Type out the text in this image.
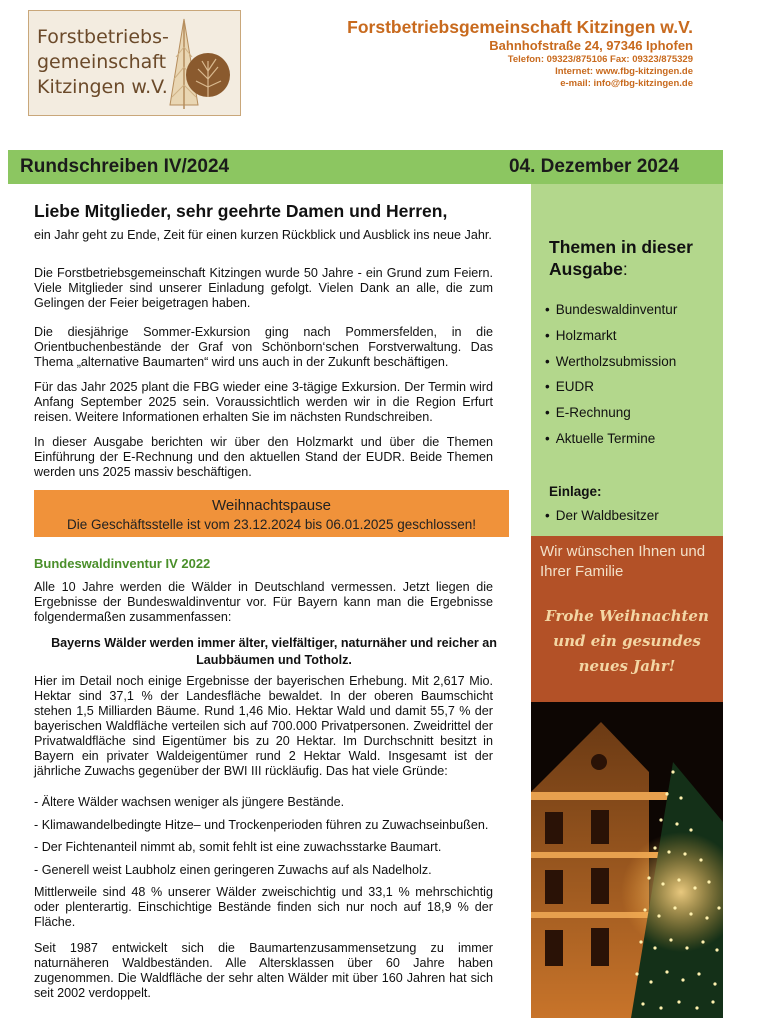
Forstbetriebs-
gemeinschaft
Kitzingen w.V.
Forstbetriebsgemeinschaft Kitzingen w.V.
Bahnhofstraße 24, 97346 Iphofen
Telefon: 09323/875106 Fax: 09323/875329
Internet: www.fbg-kitzingen.de
e-mail: info@fbg-kitzingen.de
Rundschreiben IV/2024	04. Dezember 2024
Themen in dieser
Ausgabe:
• Bundeswaldinventur
• Holzmarkt
• Wertholzsubmission
• EUDR
• E-Rechnung
• Aktuelle Termine
Einlage:
• Der Waldbesitzer
Wir wünschen Ihnen und Ihrer Familie
Frohe Weihnachten
und ein gesundes
neues Jahr!
Liebe Mitglieder, sehr geehrte Damen und Herren,

ein Jahr geht zu Ende, Zeit für einen kurzen Rückblick und Ausblick ins neue Jahr.

Die Forstbetriebsgemeinschaft Kitzingen wurde 50 Jahre - ein Grund zum Feiern. Viele Mitglieder sind unserer Einladung gefolgt. Vielen Dank an alle, die zum Gelingen der Feier beigetragen haben.

Die diesjährige Sommer-Exkursion ging nach Pommersfelden, in die Orientbuchenbestände der Graf von Schönborn‘schen Forstverwaltung. Das Thema „alternative Baumarten“ wird uns auch in der Zukunft beschäftigen.

Für das Jahr 2025 plant die FBG wieder eine 3-tägige Exkursion. Der Termin wird Anfang September 2025 sein. Voraussichtlich werden wir in die Region Erfurt reisen. Weitere Informationen erhalten Sie im nächsten Rundschreiben.

In dieser Ausgabe berichten wir über den Holzmarkt und über die Themen Einführung der E-Rechnung und den aktuellen Stand der EUDR. Beide Themen werden uns 2025 massiv beschäftigen.

Weihnachtspause
Die Geschäftsstelle ist vom 23.12.2024 bis 06.01.2025 geschlossen!
Bundeswaldinventur IV 2022

Alle 10 Jahre werden die Wälder in Deutschland vermessen. Jetzt liegen die Ergebnisse der Bundeswaldinventur vor. Für Bayern kann man die Ergebnisse folgendermaßen zusammenfassen:

Bayerns Wälder werden immer älter, vielfältiger, naturnäher und reicher an Laubbäumen und Totholz.

Hier im Detail noch einige Ergebnisse der bayerischen Erhebung. Mit 2,617 Mio. Hektar sind 37,1 % der Landesfläche bewaldet. In der oberen Baumschicht stehen 1,5 Milliarden Bäume. Rund 1,46 Mio. Hektar Wald und damit 55,7 % der bayerischen Waldfläche verteilen sich auf 700.000 Privatpersonen. Zweidrittel der Privatwaldfläche sind Eigentümer bis zu 20 Hektar. Im Durchschnitt besitzt in Bayern ein privater Waldeigentümer rund 2 Hektar Wald. Insgesamt ist der jährliche Zuwachs gegenüber der BWI III rückläufig. Das hat viele Gründe:

- Ältere Wälder wachsen weniger als jüngere Bestände.
- Klimawandelbedingte Hitze– und Trockenperioden führen zu Zuwachseinbußen.
- Der Fichtenanteil nimmt ab, somit fehlt ist eine zuwachsstarke Baumart.
- Generell weist Laubholz einen geringeren Zuwachs auf als Nadelholz.

Mittlerweile sind 48 % unserer Wälder zweischichtig und 33,1 % mehrschichtig oder plenterartig. Einschichtige Bestände finden sich nur noch auf 18,9 % der Fläche.

Seit 1987 entwickelt sich die Baumartenzusammensetzung zu immer naturnäheren Waldbeständen. Alle Altersklassen über 60 Jahre haben zugenommen. Die Waldfläche der sehr alten Wälder mit über 160 Jahren hat sich seit 2002 verdoppelt.
